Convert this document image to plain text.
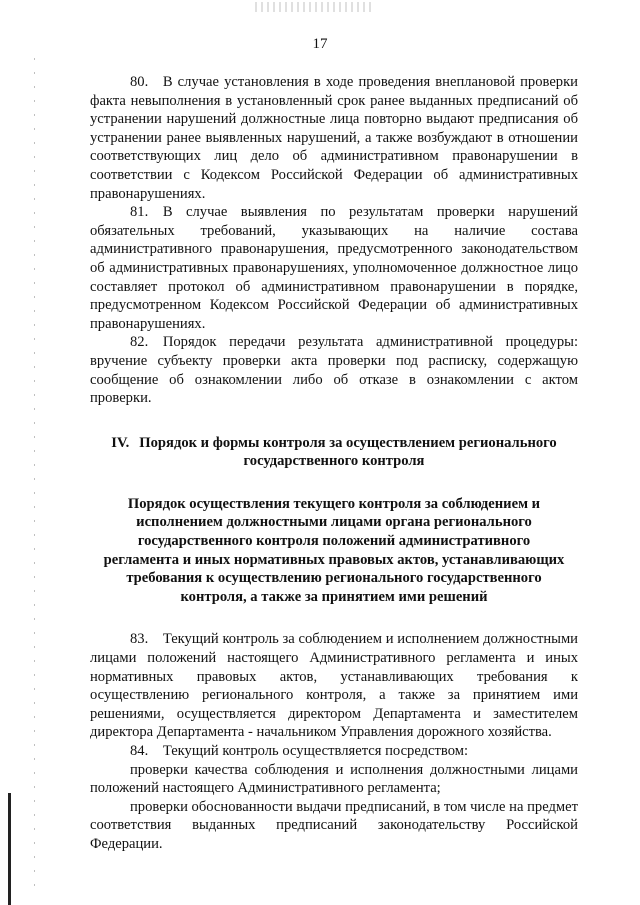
17

80. В случае установления в ходе проведения внеплановой проверки факта невыполнения в установленный срок ранее выданных предписаний об устранении нарушений должностные лица повторно выдают предписания об устранении ранее выявленных нарушений, а также возбуждают в отношении соответствующих лиц дело об административном правонарушении в соответствии с Кодексом Российской Федерации об административных правонарушениях.

81. В случае выявления по результатам проверки нарушений обязательных требований, указывающих на наличие состава административного правонарушения, предусмотренного законодательством об административных правонарушениях, уполномоченное должностное лицо составляет протокол об административном правонарушении в порядке, предусмотренном Кодексом Российской Федерации об административных правонарушениях.

82. Порядок передачи результата административной процедуры: вручение субъекту проверки акта проверки под расписку, содержащую сообщение об ознакомлении либо об отказе в ознакомлении с актом проверки.

IV. Порядок и формы контроля за осуществлением регионального государственного контроля
Порядок осуществления текущего контроля за соблюдением и
исполнением должностными лицами органа регионального
государственного контроля положений административного
регламента и иных нормативных правовых актов, устанавливающих
требования к осуществлению регионального государственного
контроля, а также за принятием ими решений

83. Текущий контроль за соблюдением и исполнением должностными лицами положений настоящего Административного регламента и иных нормативных правовых актов, устанавливающих требования к осуществлению регионального контроля, а также за принятием ими решениями, осуществляется директором Департамента и заместителем директора Департамента - начальником Управления дорожного хозяйства.

84. Текущий контроль осуществляется посредством:

проверки качества соблюдения и исполнения должностными лицами положений настоящего Административного регламента;

проверки обоснованности выдачи предписаний, в том числе на предмет соответствия выданных предписаний законодательству Российской Федерации.
